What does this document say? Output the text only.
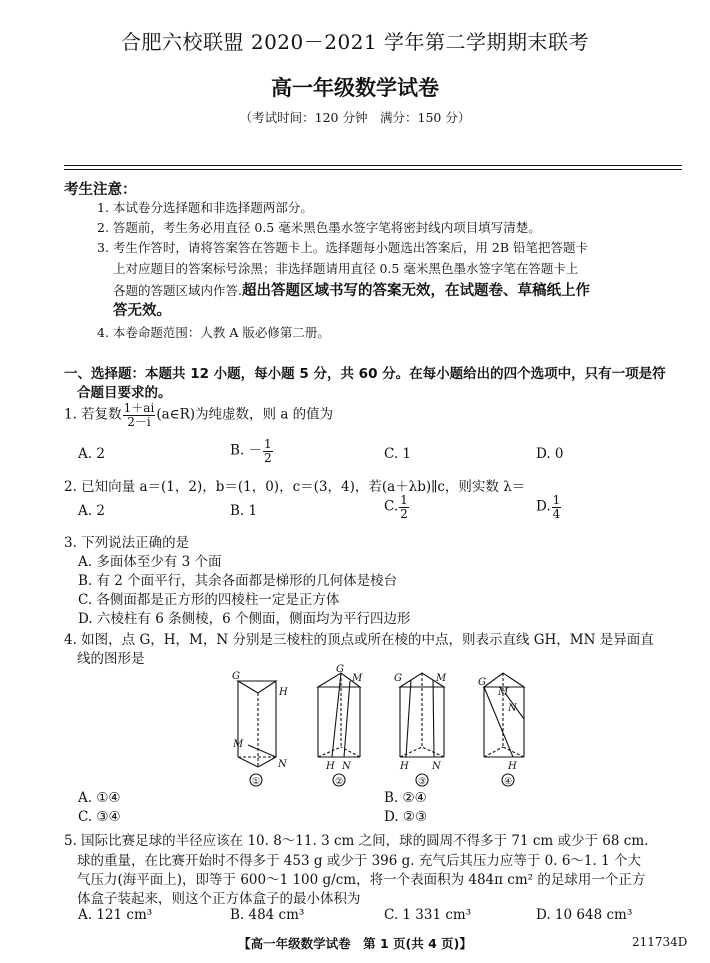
合肥六校联盟 2020－2021 学年第二学期期末联考
高一年级数学试卷
（考试时间：120 分钟　满分：150 分）
考生注意：
1. 本试卷分选择题和非选择题两部分。
2. 答题前，考生务必用直径 0.5 毫米黑色墨水签字笔将密封线内项目填写清楚。
3. 考生作答时，请将答案答在答题卡上。选择题每小题选出答案后，用 2B 铅笔把答题卡
上对应题目的答案标号涂黑；非选择题请用直径 0.5 毫米黑色墨水签字笔在答题卡上
各题的答题区域内作答.超出答题区域书写的答案无效，在试题卷、草稿纸上作
答无效。
4. 本卷命题范围：人教 A 版必修第二册。
一、选择题：本题共 12 小题，每小题 5 分，共 60 分。在每小题给出的四个选项中，只有一项是符
合题目要求的。
1. 若复数 $\frac{1+ai}{2-i}$ (a∈R)为纯虚数，则 a 的值为
A. 2	B. － $\frac{1}{2}$	C. 1	D. 0
2. 已知向量 a＝(1，2)，b＝(1，0)，c＝(3，4)，若(a＋λb)∥c，则实数 λ＝
A. 2	B. 1	C. $\frac{1}{2}$	D. $\frac{1}{4}$
3. 下列说法正确的是
A. 多面体至少有 3 个面
B. 有 2 个面平行，其余各面都是梯形的几何体是棱台
C. 各侧面都是正方形的四棱柱一定是正方体
D. 六棱柱有 6 条侧棱，6 个侧面，侧面均为平行四边形
4. 如图，点 G，H，M，N 分别是三棱柱的顶点或所在棱的中点，则表示直线 GH，MN 是异面直
线的图形是
G
H
M
N
①
G
M
H N
②
G	M
H N
③
G
M
N
H
④
A. ①④	B. ②④
C. ③④	D. ②③
5. 国际比赛足球的半径应该在 10. 8～11. 3 cm 之间，球的圆周不得多于 71 cm 或少于 68 cm.
球的重量，在比赛开始时不得多于 453 g 或少于 396 g. 充气后其压力应等于 0. 6～1. 1 个大
气压力(海平面上)，即等于 600～1 100 g/cm，将一个表面积为 484π cm² 的足球用一个正方
体盒子装起来，则这个正方体盒子的最小体积为
A. 121 cm³	B. 484 cm³	C. 1 331 cm³	D. 10 648 cm³
【高一年级数学试卷　第 1 页(共 4 页)】	211734D
